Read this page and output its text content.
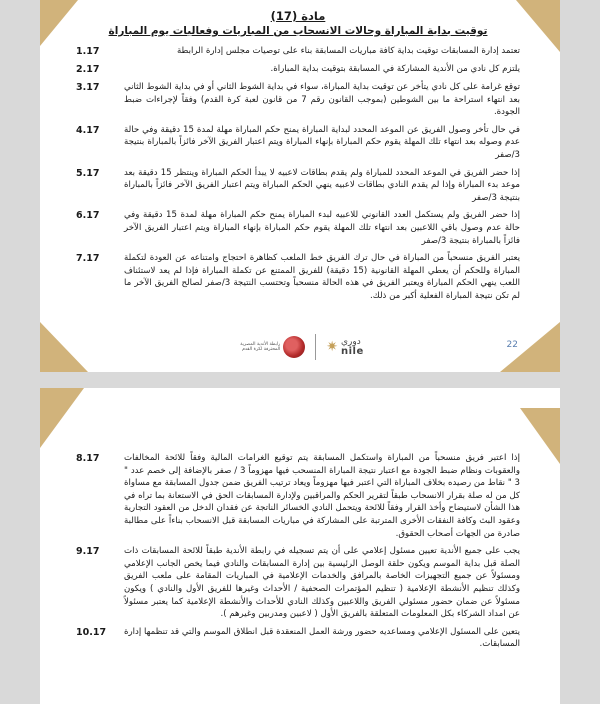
مادة (17)
توقيت بداية المباراة وحالات الانسحاب من المباريات وفعاليات يوم المباراة
تعتمد إدارة المسابقات توقيت بداية كافة مباريات المسابقة بناء على توصيات مجلس إدارة الرابطة
1.17
يلتزم كل نادي من الأندية المشاركة في المسابقة بتوقيت بداية المباراة.
2.17
توقع غرامة على كل نادي يتأخر عن توقيت بداية المباراة، سواء في بداية الشوط الثاني أو في بداية الشوط الثاني بعد انتهاء استراحة ما بين الشوطين (بموجب القانون رقم 7 من قانون لعبة كرة القدم) وفقاً لإجراءات ضبط الجودة.
3.17
في حال تأخر وصول الفريق عن الموعد المحدد لبداية المباراة يمنح حكم المباراة مهلة لمدة 15 دقيقة وفي حالة عدم وصوله بعد انتهاء تلك المهلة يقوم حكم المباراة بإنهاء المباراة ويتم اعتبار الفريق الآخر فائزاً بالمباراة بنتيجة 3/صفر
4.17
إذا حضر الفريق في الموعد المحدد للمباراة ولم يقدم بطاقات لاعبيه لا يبدأ الحكم المباراة وينتظر 15 دقيقة بعد موعد بدء المباراة وإذا لم يقدم النادي بطاقات لاعبيه ينهي الحكم المباراة ويتم اعتبار الفريق الآخر فائزاً بالمباراة بنتيجة 3/صفر
5.17
إذا حضر الفريق ولم يستكمل العدد القانوني للاعبيه لبدء المباراة يمنح حكم المباراة مهلة لمدة 15 دقيقة وفي حالة عدم وصول باقي اللاعبين بعد انتهاء تلك المهلة يقوم حكم المباراة بإنهاء المباراة ويتم اعتبار الفريق الآخر فائزاً بالمباراة بنتيجة 3/صفر
6.17
يعتبر الفريق منسحباً من المباراة في حال ترك الفريق خط الملعب كظاهرة احتجاج وامتناعه عن العودة لتكملة المباراة وللحكم أن يعطي المهلة القانونية (15 دقيقة) للفريق الممتنع عن تكملة المباراة فإذا لم يعد لاستئناف اللعب ينهي الحكم المباراة ويعتبر الفريق في هذه الحالة منسحباً وتحتسب النتيجة 3/صفر لصالح الفريق الآخر ما لم تكن نتيجة المباراة الفعلية أكبر من ذلك.
7.17
22
رابطة الأندية المصرية المحترفة لكرة القدم	✷ دوري
nile
إذا اعتبر فريق منسحباً من المباراة واستكمل المسابقة يتم توقيع الغرامات المالية وفقاً للائحة المخالفات والعقوبات ونظام ضبط الجودة مع اعتبار نتيجة المباراة المنسحب فيها مهزوماً 3 / صفر بالإضافة إلى خصم عدد " 3 " نقاط من رصيده بخلاف المباراة التي اعتبر فيها مهزوماً ويعاد ترتيب الفريق ضمن جدول المسابقة مع مساواة كل من له صلة بقرار الانسحاب طبقاً لتقرير الحكم والمراقبين ولإدارة المسابقات الحق في الاستعانة بما تراه في هذا الشأن لاستيضاح وأخذ القرار وفقاً للائحة ويتحمل النادي الخسائر الناتجة عن فقدان الدخل من العقود التجارية وعقود البث وكافة النفقات الأخرى المترتبة على المشاركة في مباريات المسابقة قبل الانسحاب بناءاً على مطالبة صادرة من الجهات أصحاب الحقوق.
8.17
يجب على جميع الأندية تعيين مسئول إعلامي على أن يتم تسجيله في رابطة الأندية طبقاً للائحة المسابقات ذات الصلة قبل بداية الموسم ويكون حلقة الوصل الرئيسية بين إدارة المسابقات والنادي فيما يخص الجانب الإعلامي ومسئولاً عن جميع التجهيزات الخاصة بالمرافق والخدمات الإعلامية في المباريات المقامة على ملعب الفريق وكذلك تنظيم الأنشطة الإعلامية ( تنظيم المؤتمرات الصحفية / الأحداث وغيرها للفريق الأول والنادي ) ويكون مسئولاً عن ضمان حضور مسئولي الفريق واللاعبين وكذلك النادي للأحداث والأنشطة الإعلامية كما يعتبر مسئولاً عن امداد الشركاء بكل المعلومات المتعلقة بالفريق الأول ( لاعبين ومدربين وغيرهم ).
9.17
يتعين على المسئول الإعلامي ومساعديه حضور ورشة العمل المنعقدة قبل انطلاق الموسم والتي قد تنظمها إدارة المسابقات.
10.17
